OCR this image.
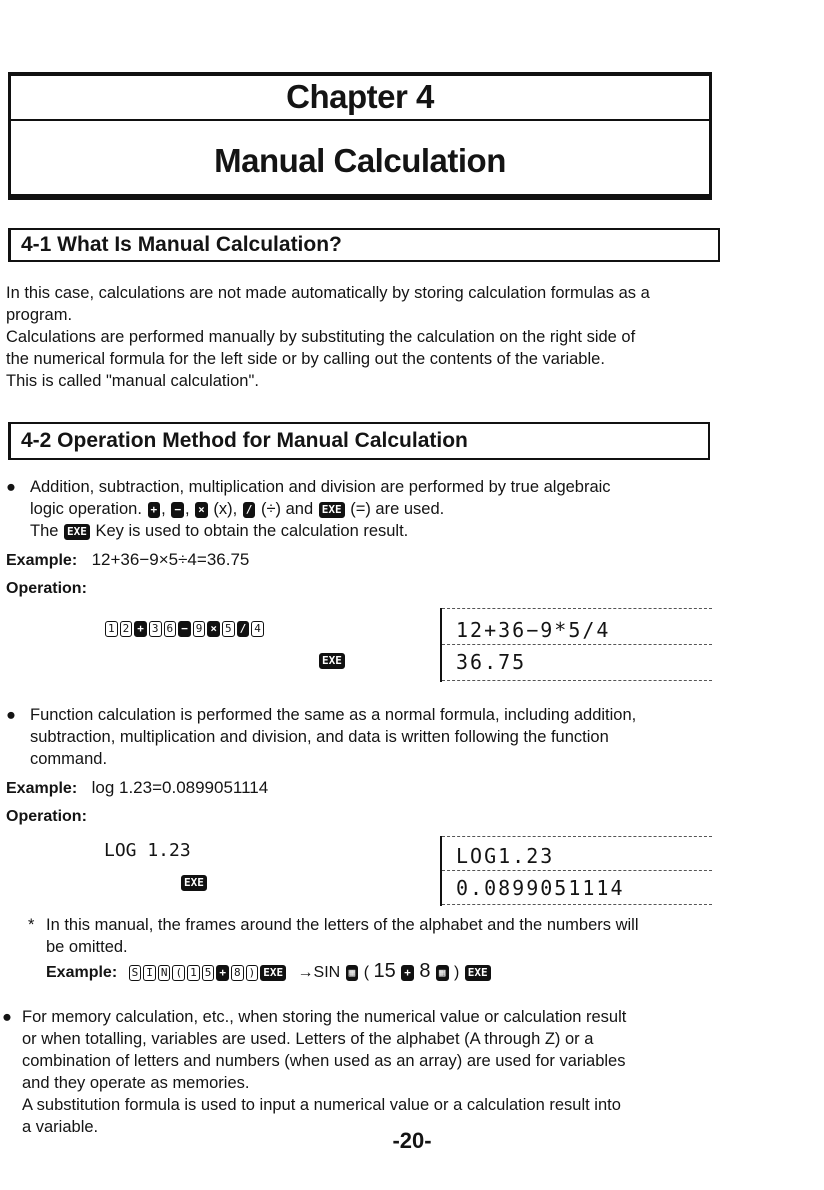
Chapter 4
Manual Calculation
4-1 What Is Manual Calculation?
In this case, calculations are not made automatically by storing calculation formulas as a
program.
Calculations are performed manually by substituting the calculation on the right side of
the numerical formula for the left side or by calling out the contents of the variable.
This is called "manual calculation".
4-2 Operation Method for Manual Calculation
● Addition, subtraction, multiplication and division are performed by true algebraic
logic operation. + , − , × (x), / (÷) and EXE (=) are used.
The EXE Key is used to obtain the calculation result.
Example: 12+36−9×5÷4=36.75
Operation:
1 2 + 3 6 − 9 × 5 / 4
EXE
12+36−9*5/4
36.75
● Function calculation is performed the same as a normal formula, including addition,
subtraction, multiplication and division, and data is written following the function
command.
Example: log 1.23=0.0899051114
Operation:
LOG 1.23
EXE
LOG1.23
0.0899051114
* In this manual, the frames around the letters of the alphabet and the numbers will
be omitted.
Example: S I N ( 1 5 + 8 ) EXE →SIN ▦ ( 15 + 8 ▦ ) EXE
● For memory calculation, etc., when storing the numerical value or calculation result
or when totalling, variables are used. Letters of the alphabet (A through Z) or a
combination of letters and numbers (when used as an array) are used for variables
and they operate as memories.
A substitution formula is used to input a numerical value or a calculation result into
a variable.
-20-
